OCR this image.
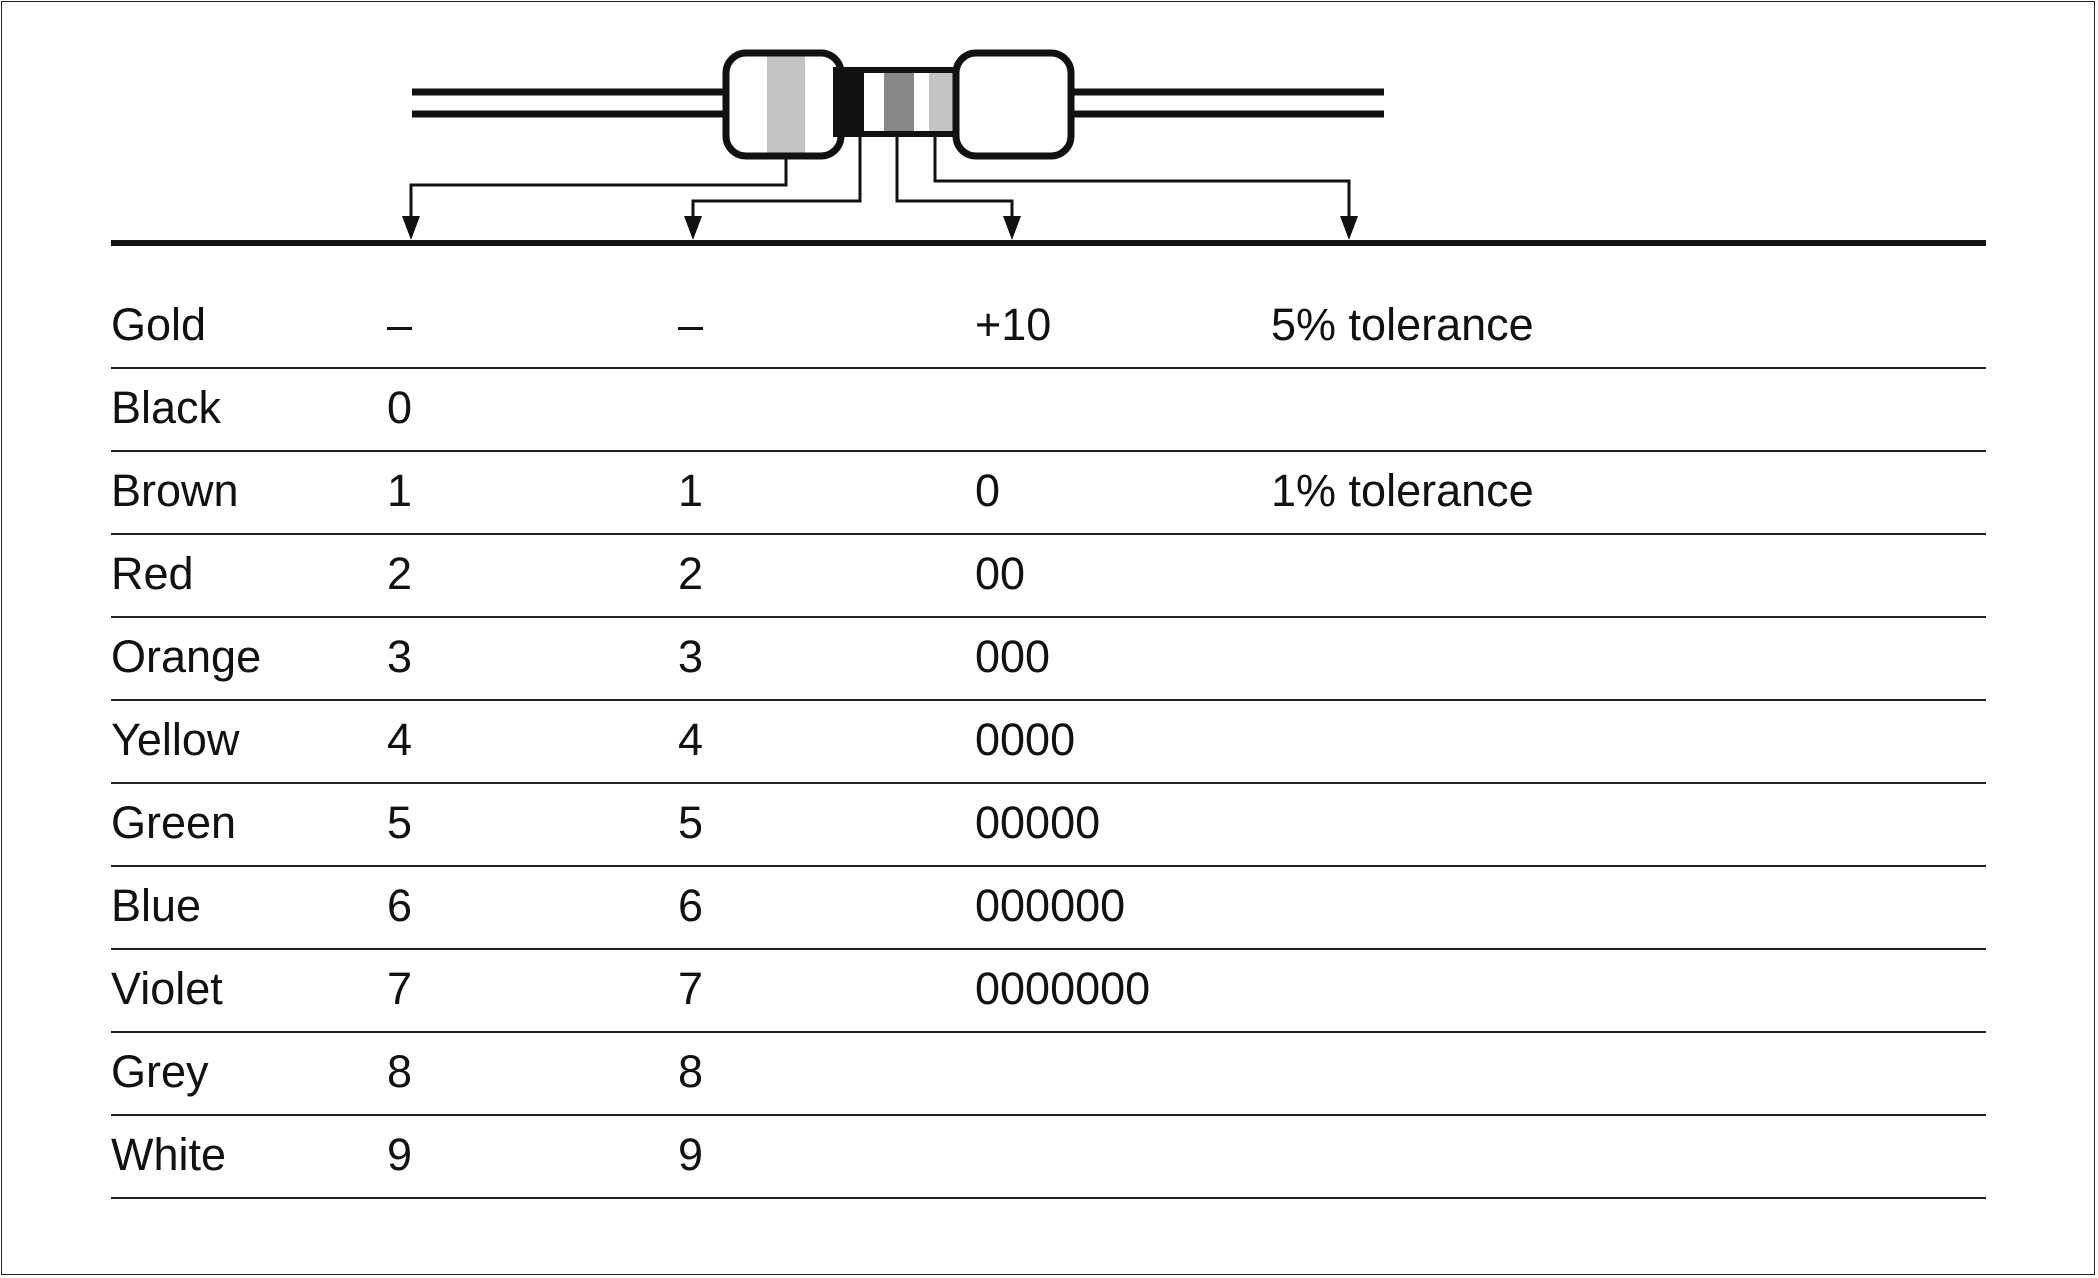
Gold	–	–	+10	5% tolerance
Black	0
Brown	1	1	0	1% tolerance
Red	2	2	00
Orange	3	3	000
Yellow	4	4	0000
Green	5	5	00000
Blue	6	6	000000
Violet	7	7	0000000
Grey	8	8
White	9	9
